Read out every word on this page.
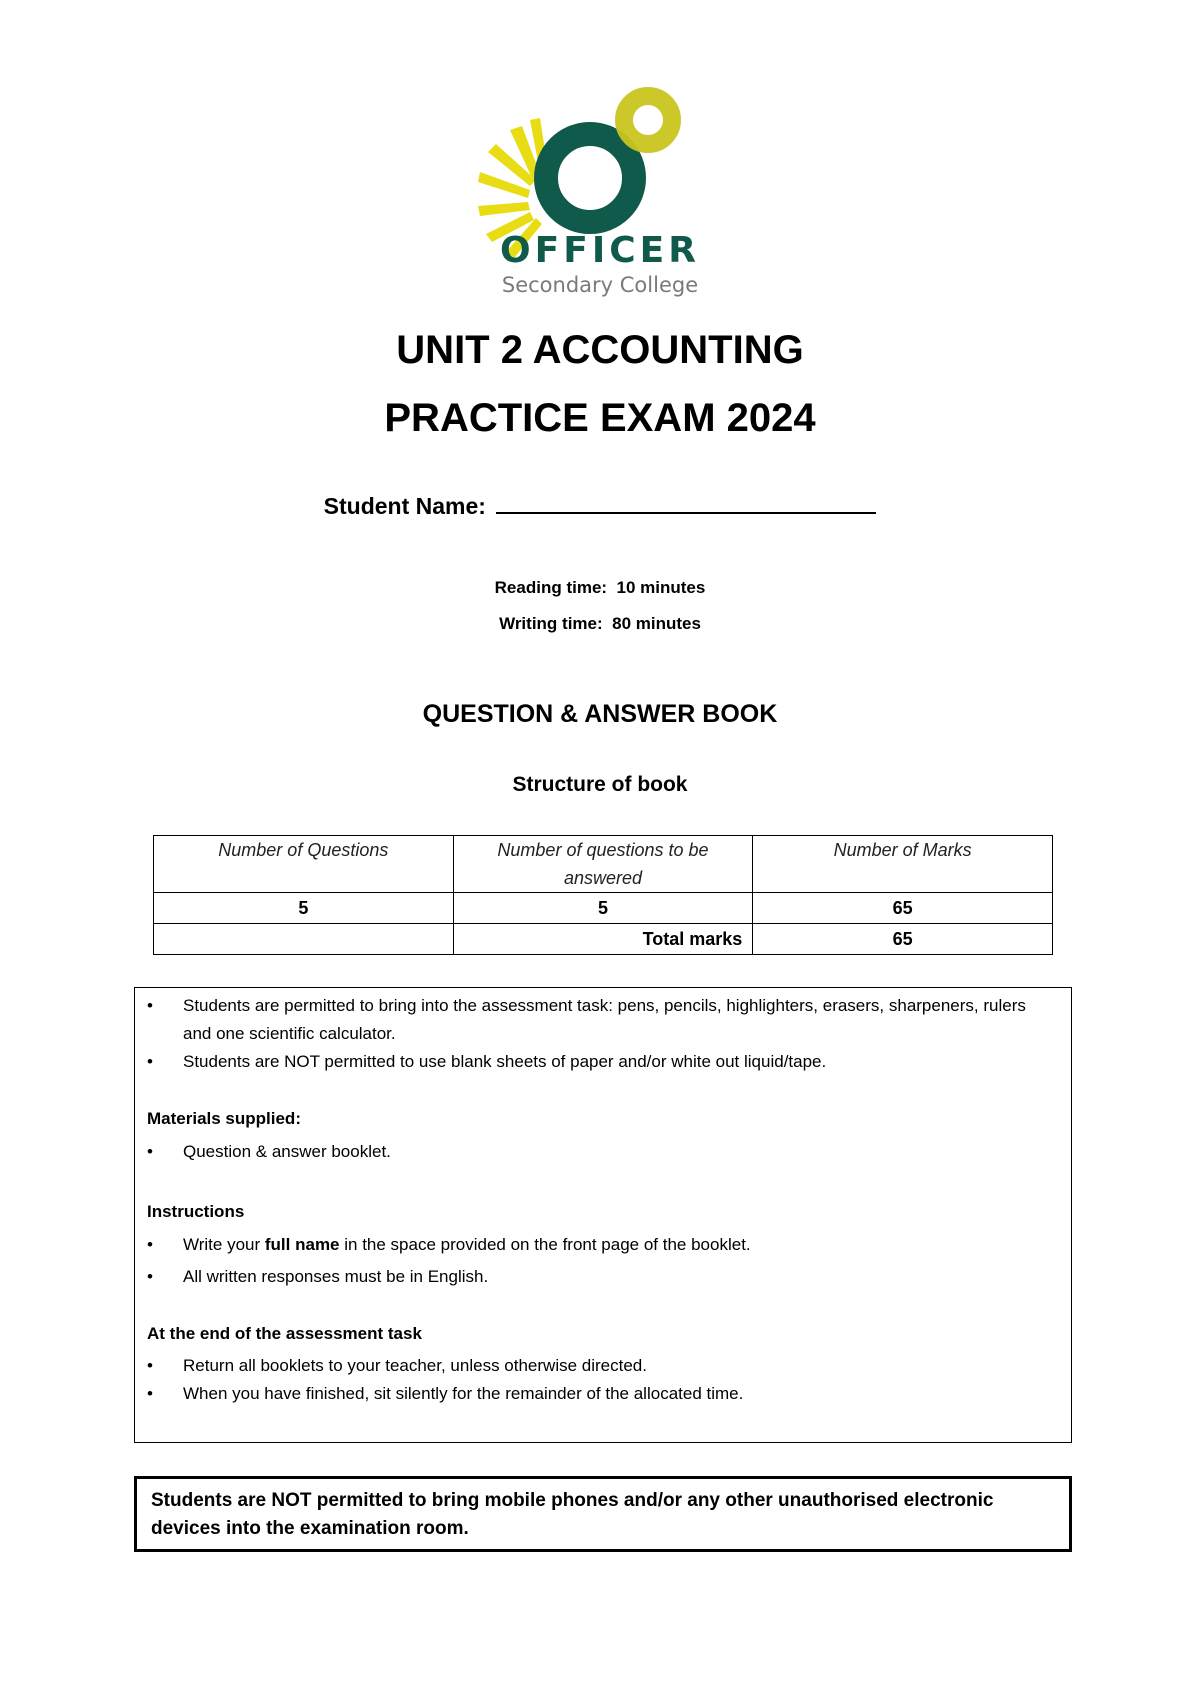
OFFICER
Secondary College
UNIT 2 ACCOUNTING
PRACTICE EXAM 2024
Student Name:
Reading time: 10 minutes
Writing time: 80 minutes
QUESTION & ANSWER BOOK
Structure of book
Number of Questions	Number of questions to be answered	Number of Marks
5	5	65
	Total marks	65
• Students are permitted to bring into the assessment task: pens, pencils, highlighters, erasers, sharpeners, rulers and one scientific calculator.
• Students are NOT permitted to use blank sheets of paper and/or white out liquid/tape.
Materials supplied:
• Question & answer booklet.
Instructions
• Write your full name in the space provided on the front page of the booklet.
• All written responses must be in English.
At the end of the assessment task
• Return all booklets to your teacher, unless otherwise directed.
• When you have finished, sit silently for the remainder of the allocated time.
Students are NOT permitted to bring mobile phones and/or any other unauthorised electronic devices into the examination room.
